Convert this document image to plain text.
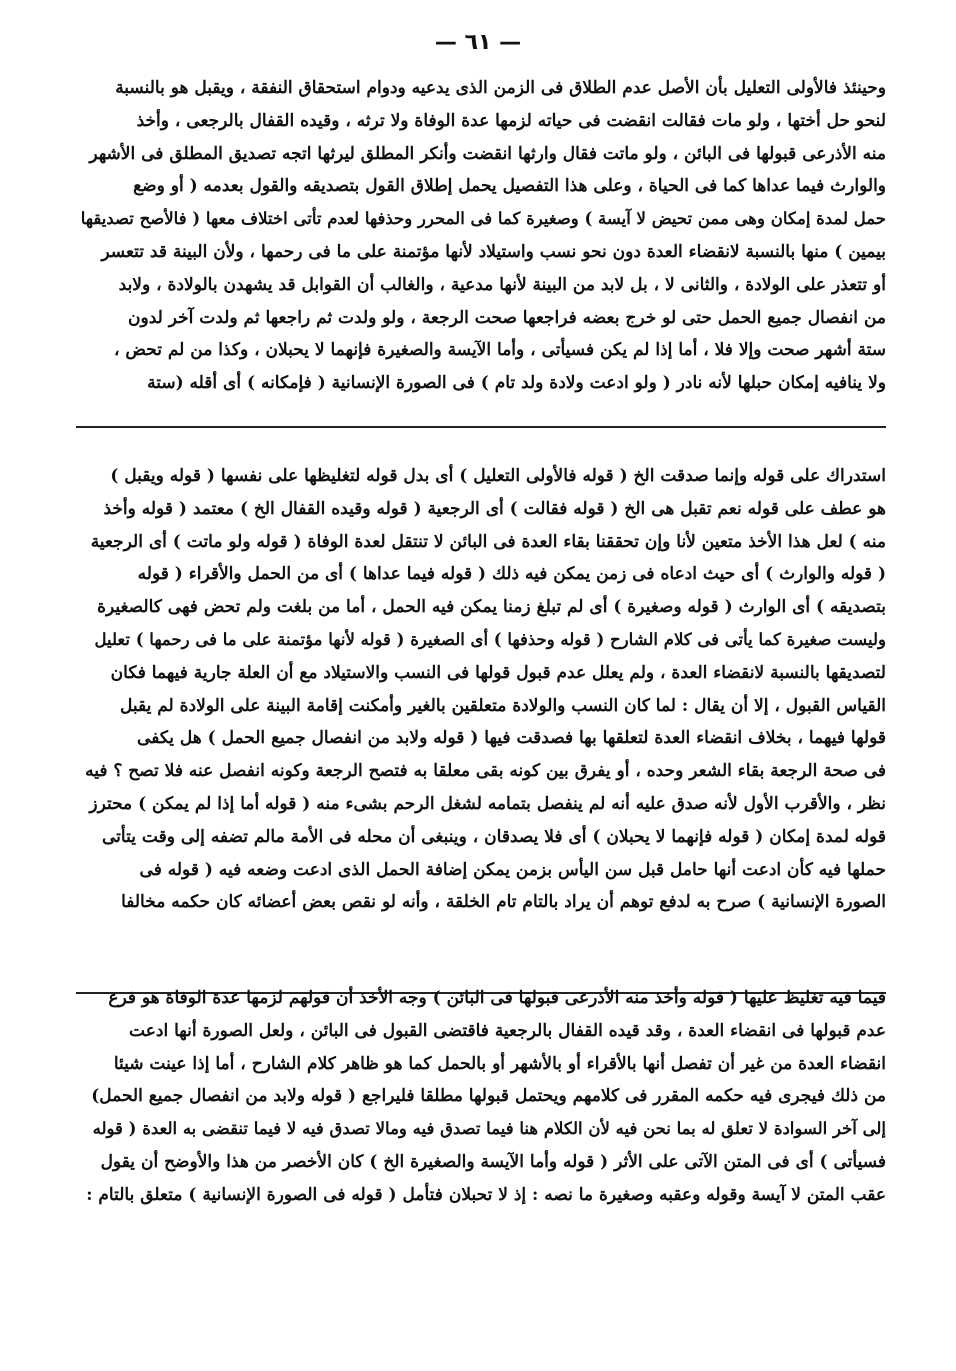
— ٦١ —
وحينئذ فالأولى التعليل بأن الأصل عدم الطلاق فى الزمن الذى يدعيه ودوام استحقاق النفقة ، ويقبل هو بالنسبة
لنحو حل أختها ، ولو مات فقالت انقضت فى حياته لزمها عدة الوفاة ولا ترثه ، وقيده القفال بالرجعى ، وأخذ
منه الأذرعى قبولها فى البائن ، ولو ماتت فقال وارثها انقضت وأنكر المطلق ليرثها اتجه تصديق المطلق فى الأشهر
والوارث فيما عداها كما فى الحياة ، وعلى هذا التفصيل يحمل إطلاق القول بتصديقه والقول بعدمه ( أو وضع
حمل لمدة إمكان وهى ممن تحيض لا آيسة ) وصغيرة كما فى المحرر وحذفها لعدم تأتى اختلاف معها ( فالأصح تصديقها
بيمين ) منها بالنسبة لانقضاء العدة دون نحو نسب واستيلاد لأنها مؤتمنة على ما فى رحمها ، ولأن البينة قد تتعسر
أو تتعذر على الولادة ، والثانى لا ، بل لابد من البينة لأنها مدعية ، والغالب أن القوابل قد يشهدن بالولادة ، ولابد
من انفصال جميع الحمل حتى لو خرج بعضه فراجعها صحت الرجعة ، ولو ولدت ثم راجعها ثم ولدت آخر لدون
ستة أشهر صحت وإلا فلا ، أما إذا لم يكن فسيأتى ، وأما الآيسة والصغيرة فإنهما لا يحبلان ، وكذا من لم تحض ،
ولا ينافيه إمكان حبلها لأنه نادر ( ولو ادعت ولادة ولد تام ) فى الصورة الإنسانية ( فإمكانه ) أى أقله (ستة
استدراك على قوله وإنما صدقت الخ ( قوله فالأولى التعليل ) أى بدل قوله لتغليظها على نفسها ( قوله ويقبل )
هو عطف على قوله نعم تقبل هى الخ ( قوله فقالت ) أى الرجعية ( قوله وقيده القفال الخ ) معتمد ( قوله وأخذ
منه ) لعل هذا الأخذ متعين لأنا وإن تحققنا بقاء العدة فى البائن لا تنتقل لعدة الوفاة ( قوله ولو ماتت ) أى الرجعية
( قوله والوارث ) أى حيث ادعاه فى زمن يمكن فيه ذلك ( قوله فيما عداها ) أى من الحمل والأقراء ( قوله
بتصديقه ) أى الوارث ( قوله وصغيرة ) أى لم تبلغ زمنا يمكن فيه الحمل ، أما من بلغت ولم تحض فهى كالصغيرة
وليست صغيرة كما يأتى فى كلام الشارح ( قوله وحذفها ) أى الصغيرة ( قوله لأنها مؤتمنة على ما فى رحمها ) تعليل
لتصديقها بالنسبة لانقضاء العدة ، ولم يعلل عدم قبول قولها فى النسب والاستيلاد مع أن العلة جارية فيهما فكان
القياس القبول ، إلا أن يقال : لما كان النسب والولادة متعلقين بالغير وأمكنت إقامة البينة على الولادة لم يقبل
قولها فيهما ، بخلاف انقضاء العدة لتعلقها بها فصدقت فيها ( قوله ولابد من انفصال جميع الحمل ) هل يكفى
فى صحة الرجعة بقاء الشعر وحده ، أو يفرق بين كونه بقى معلقا به فتصح الرجعة وكونه انفصل عنه فلا تصح ؟ فيه
نظر ، والأقرب الأول لأنه صدق عليه أنه لم ينفصل بتمامه لشغل الرحم بشىء منه ( قوله أما إذا لم يمكن ) محترز
قوله لمدة إمكان ( قوله فإنهما لا يحبلان ) أى فلا يصدقان ، وينبغى أن محله فى الأمة مالم تضفه إلى وقت يتأتى
حملها فيه كأن ادعت أنها حامل قبل سن اليأس بزمن يمكن إضافة الحمل الذى ادعت وضعه فيه ( قوله فى
الصورة الإنسانية ) صرح به لدفع توهم أن يراد بالتام تام الخلقة ، وأنه لو نقص بعض أعضائه كان حكمه مخالفا
فيما فيه تغليظ عليها ( قوله وأخذ منه الأذرعى قبولها فى البائن ) وجه الأخذ أن قولهم لزمها عدة الوفاة هو فرع
عدم قبولها فى انقضاء العدة ، وقد قيده القفال بالرجعية فاقتضى القبول فى البائن ، ولعل الصورة أنها ادعت
انقضاء العدة من غير أن تفصل أنها بالأقراء أو بالأشهر أو بالحمل كما هو ظاهر كلام الشارح ، أما إذا عينت شيئا
من ذلك فيجرى فيه حكمه المقرر فى كلامهم ويحتمل قبولها مطلقا فليراجع ( قوله ولابد من انفصال جميع الحمل)
إلى آخر السوادة لا تعلق له بما نحن فيه لأن الكلام هنا فيما تصدق فيه ومالا تصدق فيه لا فيما تنقضى به العدة ( قوله
فسيأتى ) أى فى المتن الآتى على الأثر ( قوله وأما الآيسة والصغيرة الخ ) كان الأخصر من هذا والأوضح أن يقول
عقب المتن لا آيسة وقوله وعقبه وصغيرة ما نصه : إذ لا تحبلان فتأمل ( قوله فى الصورة الإنسانية ) متعلق بالتام :
